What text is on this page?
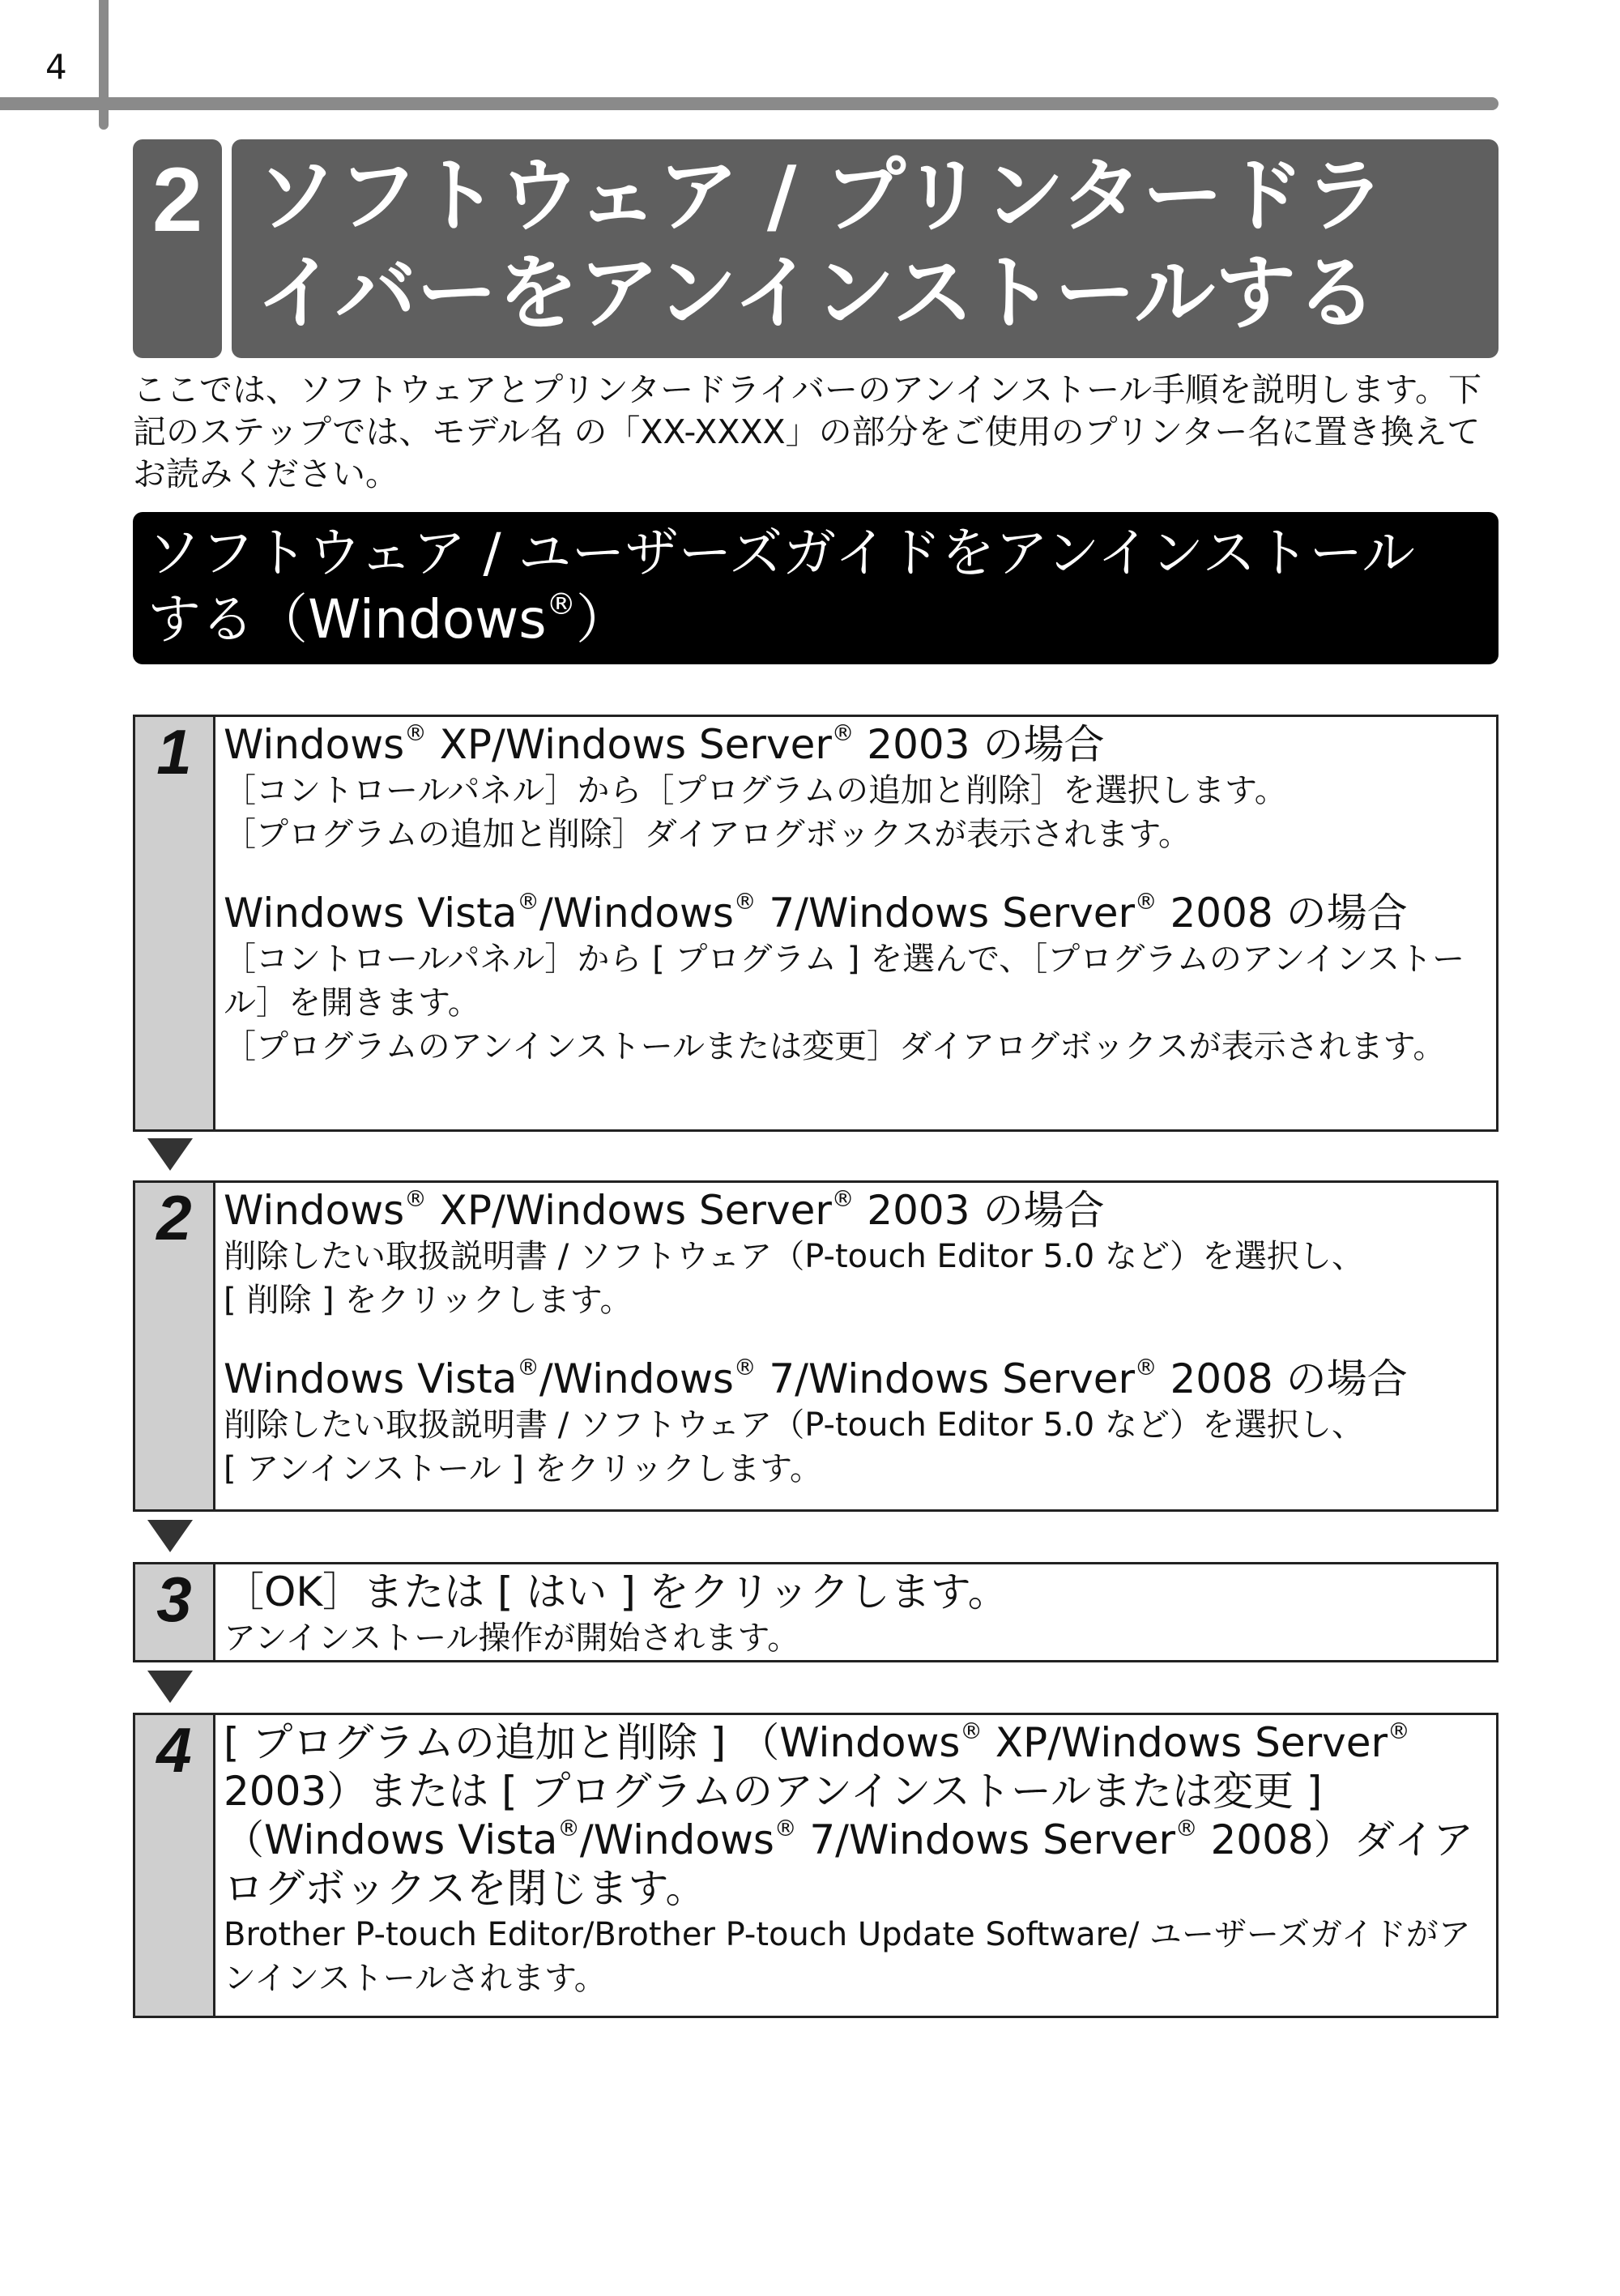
4
2 ソフトウェア / プリンタードラ
イバーをアンインストールする
ここでは、ソフトウェアとプリンタードライバーのアンインストール手順を説明します。下記のステップでは、モデル名 の「XX-XXXX」の部分をご使用のプリンター名に置き換えてお読みください。
ソフトウェア / ユーザーズガイドをアンインストール
する（Windows®）
1 Windows® XP/Windows Server® 2003 の場合
［コントロールパネル］から［プログラムの追加と削除］を選択します。
［プログラムの追加と削除］ダイアログボックスが表示されます。
Windows Vista®/Windows® 7/Windows Server® 2008 の場合
［コントロールパネル］から [ プログラム ] を選んで、［プログラムのアンインストール］を開きます。
［プログラムのアンインストールまたは変更］ダイアログボックスが表示されます。
2 Windows® XP/Windows Server® 2003 の場合
削除したい取扱説明書 / ソフトウェア（P-touch Editor 5.0 など）を選択し、
[ 削除 ] をクリックします。
Windows Vista®/Windows® 7/Windows Server® 2008 の場合
削除したい取扱説明書 / ソフトウェア（P-touch Editor 5.0 など）を選択し、
[ アンインストール ] をクリックします。
3 ［OK］または [ はい ] をクリックします。
アンインストール操作が開始されます。
4 [ プログラムの追加と削除 ] （Windows® XP/Windows Server® 2003）または [ プログラムのアンインストールまたは変更 ] （Windows Vista®/Windows® 7/Windows Server® 2008）ダイアログボックスを閉じます。
Brother P-touch Editor/Brother P-touch Update Software/ ユーザーズガイドがアンインストールされます。
